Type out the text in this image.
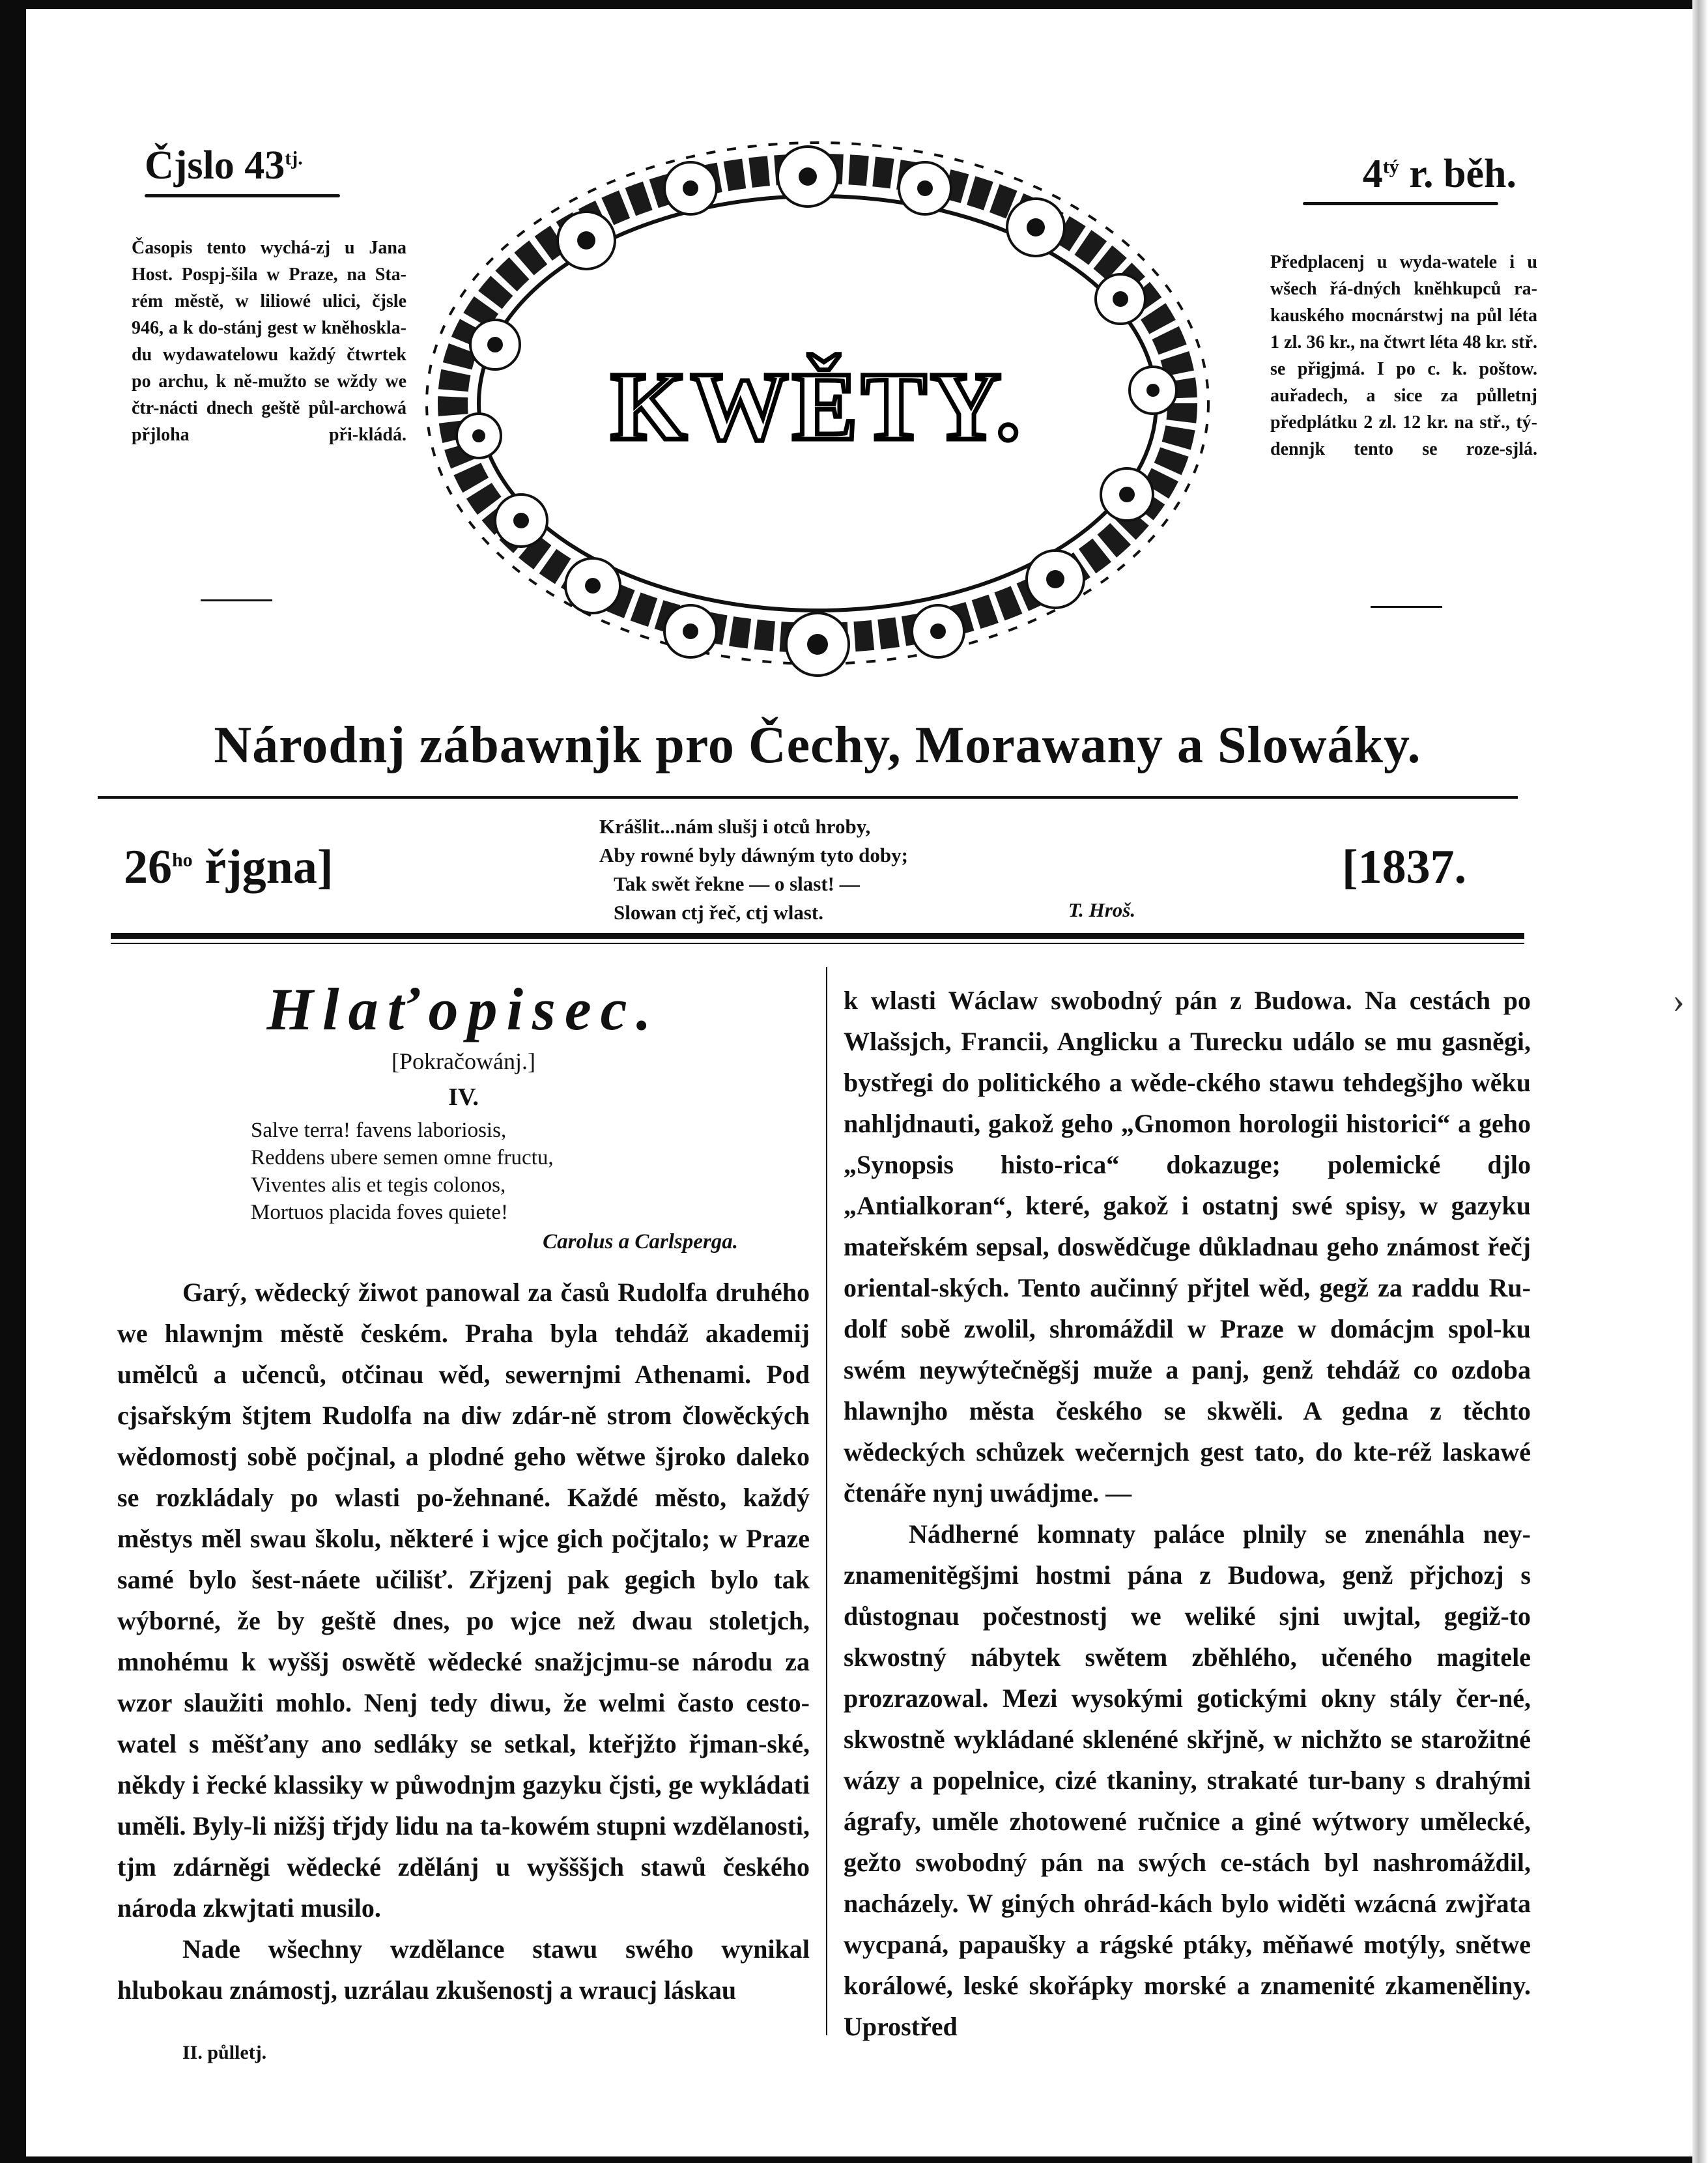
Čjslo $43^{tj.}$	$4^{tý}$ r. běh.
Časopis tento wychá-zj u Jana Host. Pospj-šila w Praze, na Sta-rém městě, w liliowé ulici, čjsle 946, a k do-stánj gest w kněhoskla-du wydawatelowu každý čtwrtek po archu, k ně-mužto se wždy we čtr-nácti dnech geště půl-archowá přjloha při-kládá.
Předplacenj u wyda-watele i u wšech řá-dných kněhkupců ra-kauského mocnárstwj na půl léta 1 zl. 36 kr., na čtwrt léta 48 kr. stř. se přigjmá. I po c. k. poštow. auřadech, a sice za půlletnj předplátku 2 zl. 12 kr. na stř., tý-dennjk tento se roze-sjlá.
KWĚTY.
Národnj zábawnjk pro Čechy, Morawany a Slowáky.
$26^{ho}$ řjgna]
Krášlit...nám slušj i otců hroby,
Aby rowné byly dáwným tyto doby;
Tak swět řekne — o slast! —
Slowan ctj řeč, ctj wlast.	T. Hroš.
[1837.
Hlaťopisec.
[Pokračowánj.]
IV.
Salve terra! favens laboriosis,
Reddens ubere semen omne fructu,
Viventes alis et tegis colonos,
Mortuos placida foves quiete!
Carolus a Carlsperga.

Garý, wědecký žiwot panowal za časů Rudolfa druhého we hlawnjm městě českém. Praha byla tehdáž akademij umělců a učenců, otčinau wěd, sewernjmi Athenami. Pod cjsařským štjtem Rudolfa na diw zdár-ně strom člowěckých wědomostj sobě počjnal, a plodné geho wětwe šjroko daleko se rozkládaly po wlasti po-žehnané. Každé město, každý městys měl swau školu, některé i wjce gich počjtalo; w Praze samé bylo šest-náete učilišť. Zřjzenj pak gegich bylo tak wýborné, že by geště dnes, po wjce než dwau stoletjch, mnohému k wyššj oswětě wědecké snažjcjmu-se národu za wzor slaužiti mohlo. Nenj tedy diwu, že welmi často cesto-watel s měšťany ano sedláky se setkal, kteřjžto řjman-ské, někdy i řecké klassiky w půwodnjm gazyku čjsti, ge wykládati uměli. Byly-li nižšj třjdy lidu na ta-kowém stupni wzdělanosti, tjm zdárněgi wědecké zdělánj u wyšššjch stawů českého národa zkwjtati musilo.

Nade wšechny wzdělance stawu swého wynikal hlubokau známostj, uzrálau zkušenostj a wraucj láskau

k wlasti Wáclaw swobodný pán z Budowa. Na cestách po Wlašsjch, Francii, Anglicku a Turecku událo se mu gasněgi, bystřegi do politického a wěde-ckého stawu tehdegšjho wěku nahljdnauti, gakož geho „Gnomon horologii historici“ a geho „Synopsis histo-rica“ dokazuge; polemické djlo „Antialkoran“, které, gakož i ostatnj swé spisy, w gazyku mateřském sepsal, doswědčuge důkladnau geho známost řečj oriental-ských. Tento aučinný přjtel wěd, gegž za raddu Ru-dolf sobě zwolil, shromáždil w Praze w domácjm spol-ku swém neywýtečněgšj muže a panj, genž tehdáž co ozdoba hlawnjho města českého se skwěli. A gedna z těchto wědeckých schůzek wečernjch gest tato, do kte-réž laskawé čtenáře nynj uwádjme. —

Nádherné komnaty paláce plnily se znenáhla ney-znamenitěgšjmi hostmi pána z Budowa, genž přjchozj s důstognau počestnostj we weliké sjni uwjtal, gegiž-to skwostný nábytek swětem zběhlého, učeného magitele prozrazowal. Mezi wysokými gotickými okny stály čer-né, skwostně wykládané sklenéné skřjně, w nichžto se starožitné wázy a popelnice, cizé tkaniny, strakaté tur-bany s drahými ágrafy, uměle zhotowené ručnice a giné wýtwory umělecké, gežto swobodný pán na swých ce-stách byl nashromáždil, nacházely. W giných ohrád-kách bylo widěti wzácná zwjřata wycpaná, papaušky a rágské ptáky, měňawé motýly, snětwe korálowé, leské skořápky morské a znamenité zkameněliny. Uprostřed

II. půlletj.
›
